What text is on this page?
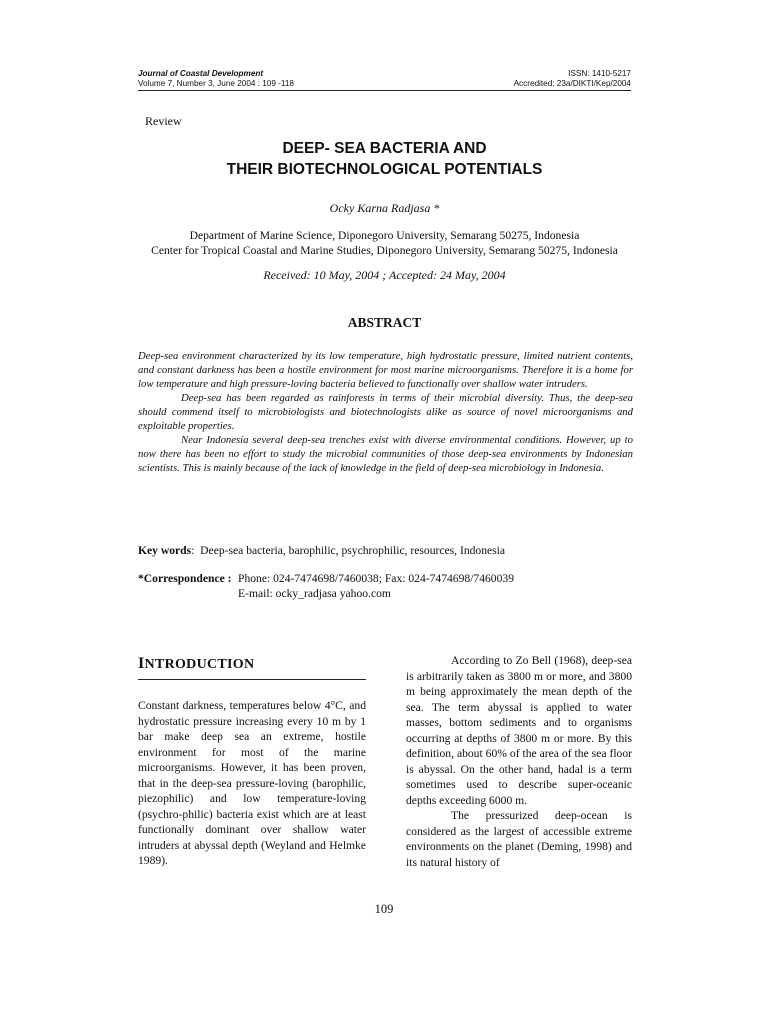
Journal of Coastal Development
Volume 7, Number 3, June 2004 : 109 -118
ISSN: 1410-5217
Accredited: 23a/DIKTI/Kep/2004
Review
DEEP- SEA BACTERIA AND
THEIR BIOTECHNOLOGICAL POTENTIALS
Ocky Karna Radjasa *
Department of Marine Science, Diponegoro University, Semarang 50275, Indonesia
Center for Tropical Coastal and Marine Studies, Diponegoro University, Semarang 50275, Indonesia
Received: 10 May, 2004 ; Accepted: 24 May, 2004
ABSTRACT

Deep-sea environment characterized by its low temperature, high hydrostatic pressure, limited nutrient contents, and constant darkness has been a hostile environment for most marine microorganisms. Therefore it is a home for low temperature and high pressure-loving bacteria believed to functionally over shallow water intruders.

Deep-sea has been regarded as rainforests in terms of their microbial diversity. Thus, the deep-sea should commend itself to microbiologists and biotechnologists alike as source of novel microorganisms and exploitable properties.

Near Indonesia several deep-sea trenches exist with diverse environmental conditions. However, up to now there has been no effort to study the microbial communities of those deep-sea environments by Indonesian scientists. This is mainly because of the lack of knowledge in the field of deep-sea microbiology in Indonesia.

Key words:  Deep-sea bacteria, barophilic, psychrophilic, resources, Indonesia
*Correspondence : Phone: 024-7474698/7460038; Fax: 024-7474698/7460039
E-mail: ocky_radjasa yahoo.com
INTRODUCTION

Constant darkness, temperatures below 4°C, and hydrostatic pressure increasing every 10 m by 1 bar make deep sea an extreme, hostile environment for most of the marine microorganisms. However, it has been proven, that in the deep-sea pressure-loving (barophilic, piezophilic) and low temperature-loving (psychro-philic) bacteria exist which are at least functionally dominant over shallow water intruders at abyssal depth (Weyland and Helmke 1989).

According to Zo Bell (1968), deep-sea is arbitrarily taken as 3800 m or more, and 3800 m being approximately the mean depth of the sea. The term abyssal is applied to water masses, bottom sediments and to organisms occurring at depths of 3800 m or more. By this definition, about 60% of the area of the sea floor is abyssal. On the other hand, hadal is a term sometimes used to describe super-oceanic depths exceeding 6000 m.

The pressurized deep-ocean is considered as the largest of accessible extreme environments on the planet (Deming, 1998) and its natural history of

109
